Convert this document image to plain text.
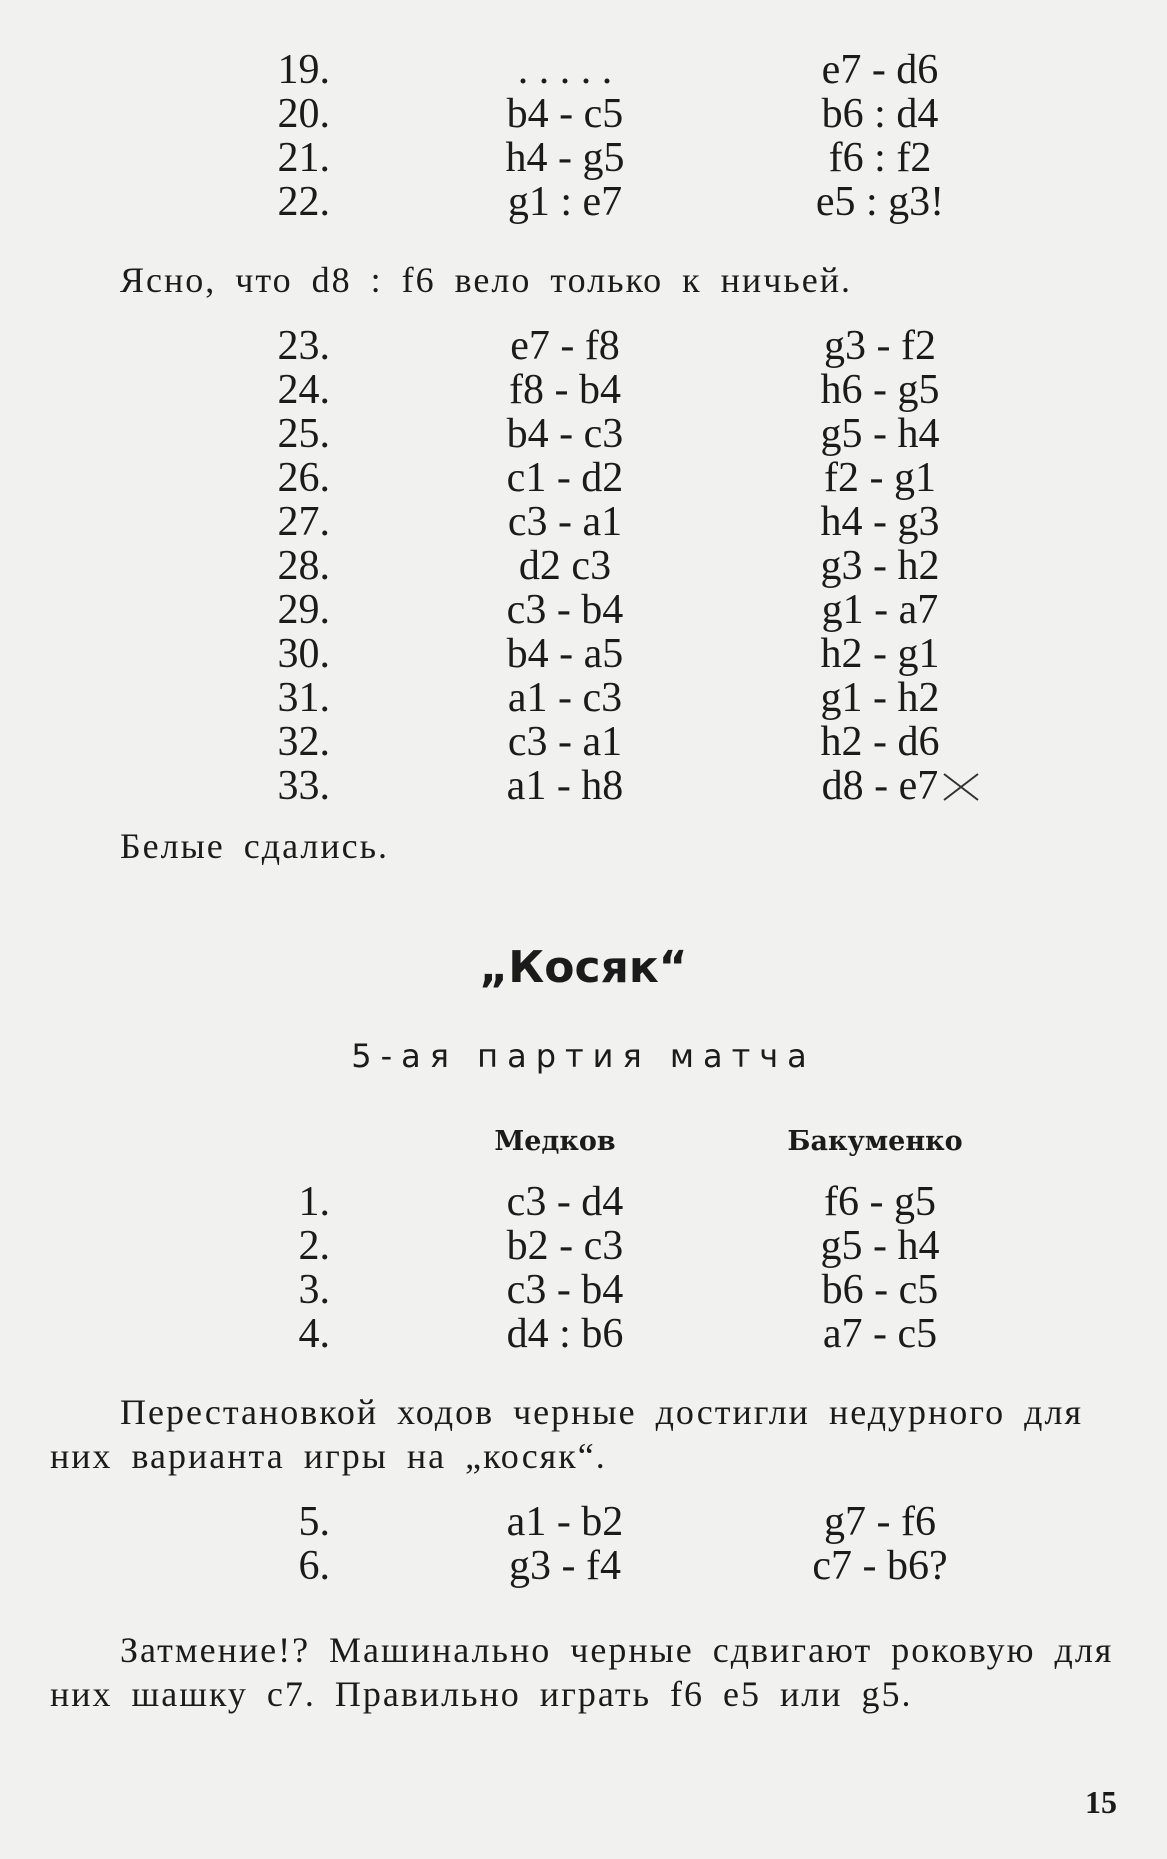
19.	. . . . .	e7 - d6
20.	b4 - c5	b6 : d4
21.	h4 - g5	f6 : f2
22.	g1 : e7	e5 : g3!

Ясно, что d8 : f6 вело только к ничьей.

23.	e7 - f8	g3 - f2
24.	f8 - b4	h6 - g5
25.	b4 - c3	g5 - h4
26.	c1 - d2	f2 - g1
27.	c3 - a1	h4 - g3
28.	d2 c3	g3 - h2
29.	c3 - b4	g1 - a7
30.	b4 - a5	h2 - g1
31.	a1 - c3	g1 - h2
32.	c3 - a1	h2 - d6
33.	a1 - h8	d8 - e7

Белые сдались.

„Косяк“
5-ая партия матча
Медков	Бакуменко
1.	c3 - d4	f6 - g5
2.	b2 - c3	g5 - h4
3.	c3 - b4	b6 - c5
4.	d4 : b6	a7 - c5

Перестановкой ходов черные достигли недурного для них варианта игры на „косяк“.

5.	a1 - b2	g7 - f6
6.	g3 - f4	c7 - b6?

Затмение!? Машинально черные сдвигают роковую для них шашку c7. Правильно играть f6 e5 или g5.

15
